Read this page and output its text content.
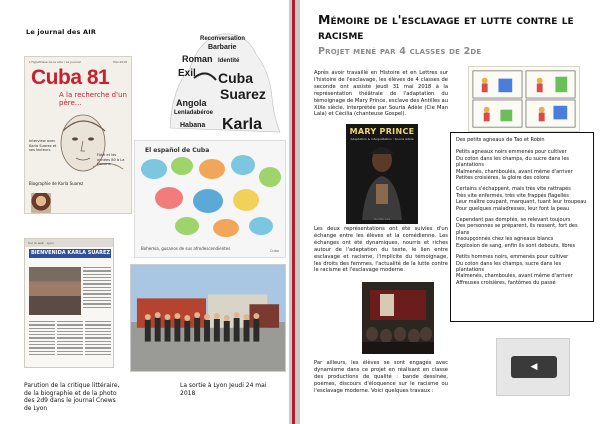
Le journal des AIR
L'Hypothèse de la ville / Le journal	Mai 2018
Cuba 81
A la recherche d'un père…
Interview avec Karla Suarez et ses lecteurs
Fidel et les années 80 à La Havane
Biographie de Karla Suarez
Reconversation
Barbarie
Roman Identité
Exil Cuba
Suarez
Angola
Lenladabéroe
Karla
Habana
El español de Cuba
Bohemia, gusanos de sus afrodescendientes	Cuba
Sur le web · Lyon
BIENVENIDA KARLA SUAREZ !
Parution de la critique littéraire, de la biographie et de la photo des 2d9 dans le journal Cnews de Lyon
La sortie à Lyon Jeudi 24 mai 2018
Mémoire de l'esclavage et lutte contre le racisme
Projet mené par 4 classes de 2de
Après avoir travaillé en Histoire et en Lettres sur l'histoire de l'esclavage, les élèves de 4 classes de seconde ont assisté jeudi 31 mai 2018 à la représentation théâtrale de l'adaptation du témoignage de Mary Prince, esclave des Antilles au XIXe siècle, interprétée par Souria Adèle (Cie Man Lala) et Cécilia (chanteuse Gospel).
MARY PRINCE
Adaptation & interprétation : Souria Adèle
Cie Man Lala
Les deux représentations ont été suivies d'un échange entre les élèves et la comédienne. Les échanges ont été dynamiques, nourris et riches autour de l'adaptation du texte, le lien entre esclavage et racisme, l'implicite du témoignage, les droits des femmes, l'actualité de la lutte contre le racisme et l'esclavage moderne.
Des petits agneaux de Tao et Robin

Petits agneaux noirs emmenés pour cultiver
Du coton dans les champs, du sucre dans les plantations
Malmenés, chamboulés, avant même d'arriver
Petites croisières, la gloire des colons

Certains s'échappent, mais très vite rattrapés
Très vite enfermés, très vite frappés flagellés
Leur maître coupant, marquant, tuant leur troupeau
Pour quelques maladresses, leur font la peau

Cependant pas domptés, se relevant toujours
Des personnes se préparent, ils ressent, fort des plans
Insoupçonnés chez les agneaux blancs
Explosion de sang, enfin ils sont debouts, libres

Petits hommes noirs, emmenés pour cultiver
Du coton dans les champs, sucre dans les plantations
Malmenés, chamboulés, avant même d'arriver
Affreuses croisières, fantômes du passé

Par ailleurs, les élèves se sont engagés avec dynamisme dans ce projet en réalisant en classe des productions de qualité : bande dessinée, poèmes, discours d'éloquence sur le racisme ou l'esclavage moderne. Voici quelques travaux :
◀
